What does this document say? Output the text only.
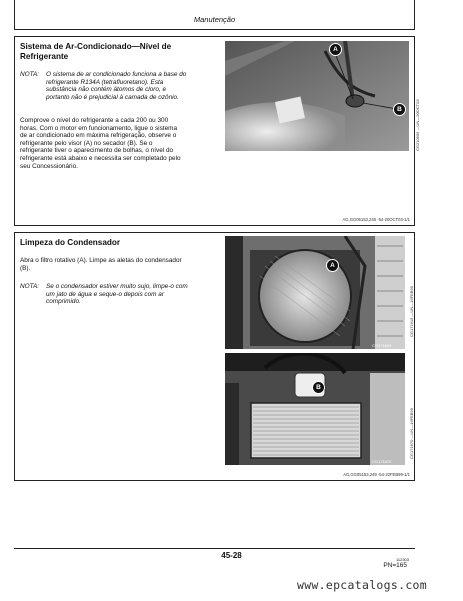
Manutenção
Sistema de Ar-Condicionado—Nível de
Refrigerante
NOTA: O sistema de ar condicionado funciona a base do
refrigerante R134A (tetrafluoretano). Esta
substância não contém átomos de cloro, e
portanto não é prejudicial à camada de ozônio.
Comprove o nível do refrigerante a cada 200 ou 300
horas. Com o motor em funcionamento, ligue o sistema
de ar condicionado em máxima refrigeração, observe o
refrigerante pelo visor (A) no secador (B). Se o
refrigerante tiver o aparecimento de bolhas, o nível do
refrigerante está abaixo e necessita ser completado pelo
seu Concessionário.
A
B	CG210905 —UN—20OCT03
AG,GG05153,248 -54-20OCT03-1/1
Limpeza do Condensador
Abra o filtro rotativo (A). Limpe as aletas do condensador
(B).
NOTA: Se o condensador estiver muito sujo, limpe-o com
um jato de água e seque-o depois com ar
comprimido.
A
CG171669
CG171615 —UN—16FEB99
B
CG171670
CG171670 —UN—16FEB99
AG,GG05153,249 -54-22FEB99-1/1
45-28	112303
PN=165
www.epcatalogs.com
